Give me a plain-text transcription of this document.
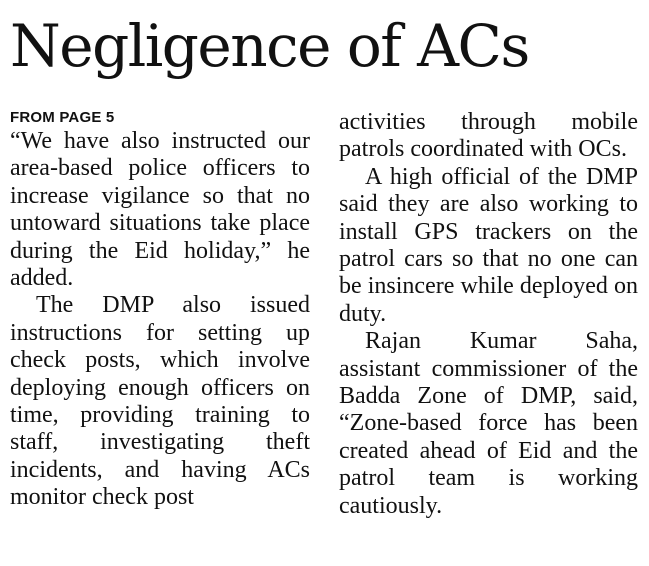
Negligence of ACs
FROM PAGE 5

“We have also instructed our area-based police officers to increase vigilance so that no untoward situations take place during the Eid holiday,” he added.

The DMP also issued instructions for setting up check posts, which involve deploying enough officers on time, providing training to staff, investigating theft incidents, and having ACs monitor check post

activities through mobile patrols coordinated with OCs.

A high official of the DMP said they are also working to install GPS trackers on the patrol cars so that no one can be insincere while deployed on duty.

Rajan Kumar Saha, assistant commissioner of the Badda Zone of DMP, said, “Zone-based force has been created ahead of Eid and the patrol team is working cautiously.
